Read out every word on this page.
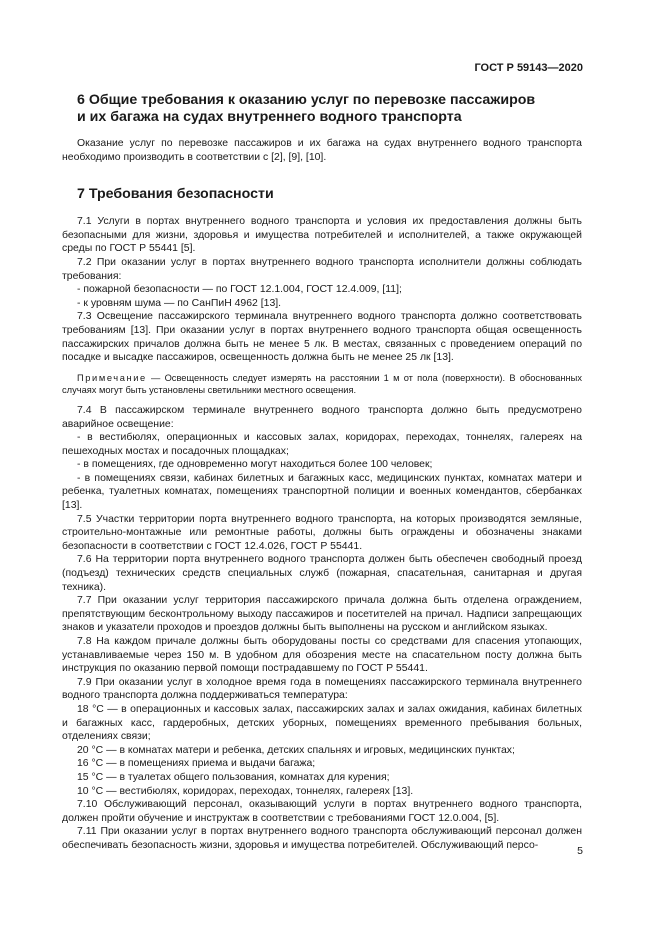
ГОСТ Р 59143—2020
6 Общие требования к оказанию услуг по перевозке пассажиров
и их багажа на судах внутреннего водного транспорта

Оказание услуг по перевозке пассажиров и их багажа на судах внутреннего водного транспорта необходимо производить в соответствии с [2], [9], [10].

7 Требования безопасности

7.1 Услуги в портах внутреннего водного транспорта и условия их предоставления должны быть безопасными для жизни, здоровья и имущества потребителей и исполнителей, а также окружающей среды по ГОСТ Р 55441 [5].

7.2 При оказании услуг в портах внутреннего водного транспорта исполнители должны соблюдать требования:

- пожарной безопасности — по ГОСТ 12.1.004, ГОСТ 12.4.009, [11];

- к уровням шума — по СанПиН 4962 [13].

7.3 Освещение пассажирского терминала внутреннего водного транспорта должно соответствовать требованиям [13]. При оказании услуг в портах внутреннего водного транспорта общая освещенность пассажирских причалов должна быть не менее 5 лк. В местах, связанных с проведением операций по посадке и высадке пассажиров, освещенность должна быть не менее 25 лк [13].

Примечание — Освещенность следует измерять на расстоянии 1 м от пола (поверхности). В обоснованных случаях могут быть установлены светильники местного освещения.

7.4 В пассажирском терминале внутреннего водного транспорта должно быть предусмотрено аварийное освещение:

- в вестибюлях, операционных и кассовых залах, коридорах, переходах, тоннелях, галереях на пешеходных мостах и посадочных площадках;

- в помещениях, где одновременно могут находиться более 100 человек;

- в помещениях связи, кабинах билетных и багажных касс, медицинских пунктах, комнатах матери и ребенка, туалетных комнатах, помещениях транспортной полиции и военных комендантов, сбербанках [13].

7.5 Участки территории порта внутреннего водного транспорта, на которых производятся земляные, строительно-монтажные или ремонтные работы, должны быть ограждены и обозначены знаками безопасности в соответствии с ГОСТ 12.4.026, ГОСТ Р 55441.

7.6 На территории порта внутреннего водного транспорта должен быть обеспечен свободный проезд (подъезд) технических средств специальных служб (пожарная, спасательная, санитарная и другая техника).

7.7 При оказании услуг территория пассажирского причала должна быть отделена ограждением, препятствующим бесконтрольному выходу пассажиров и посетителей на причал. Надписи запрещающих знаков и указатели проходов и проездов должны быть выполнены на русском и английском языках.

7.8 На каждом причале должны быть оборудованы посты со средствами для спасения утопающих, устанавливаемые через 150 м. В удобном для обозрения месте на спасательном посту должна быть инструкция по оказанию первой помощи пострадавшему по ГОСТ Р 55441.

7.9 При оказании услуг в холодное время года в помещениях пассажирского терминала внутреннего водного транспорта должна поддерживаться температура:

18 °С — в операционных и кассовых залах, пассажирских залах и залах ожидания, кабинах билетных и багажных касс, гардеробных, детских уборных, помещениях временного пребывания больных, отделениях связи;

20 °С — в комнатах матери и ребенка, детских спальнях и игровых, медицинских пунктах;

16 °С — в помещениях приема и выдачи багажа;

15 °С — в туалетах общего пользования, комнатах для курения;

10 °С — вестибюлях, коридорах, переходах, тоннелях, галереях [13].

7.10 Обслуживающий персонал, оказывающий услуги в портах внутреннего водного транспорта, должен пройти обучение и инструктаж в соответствии с требованиями ГОСТ 12.0.004, [5].

7.11 При оказании услуг в портах внутреннего водного транспорта обслуживающий персонал должен обеспечивать безопасность жизни, здоровья и имущества потребителей. Обслуживающий персо-	5
